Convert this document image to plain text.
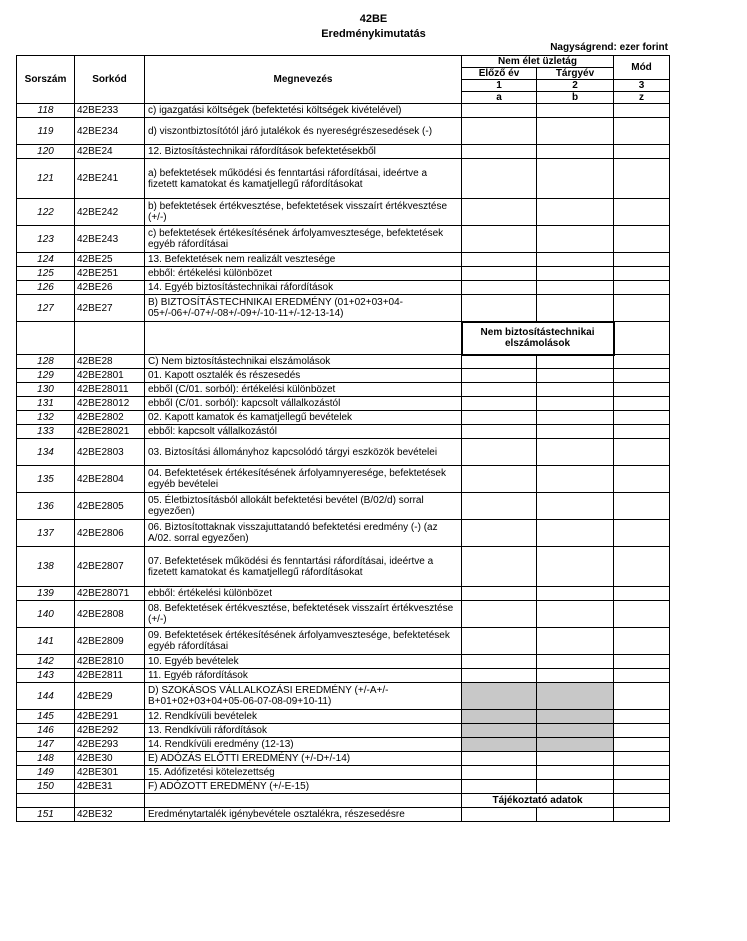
42BE
Eredménykimutatás
Nagyságrend: ezer forint
Sorszám	Sorkód	Megnevezés	Nem élet üzletág		Mód
			Előző év	Tárgyév	
			1	2	3
			a	b	z
118	42BE233	c) igazgatási költségek (befektetési költségek kivételével)			
119	42BE234	d) viszontbiztosítótól járó jutalékok és nyereségrészesedések (-)			
120	42BE24	12. Biztosítástechnikai ráfordítások befektetésekből			
121	42BE241	a) befektetések működési és fenntartási ráfordításai, ideértve a fizetett kamatokat és kamatjellegű ráfordításokat			
122	42BE242	b) befektetések értékvesztése, befektetések visszaírt értékvesztése (+/-)			
123	42BE243	c) befektetések értékesítésének árfolyamvesztesége, befektetések egyéb ráfordításai			
124	42BE25	13. Befektetések nem realizált vesztesége			
125	42BE251	ebből: értékelési különbözet			
126	42BE26	14. Egyéb biztosítástechnikai ráfordítások			
127	42BE27	B) BIZTOSÍTÁSTECHNIKAI EREDMÉNY (01+02+03+04-05+/-06+/-07+/-08+/-09+/-10-11+/-12-13-14)			
			Nem biztosítástechnikai elszámolások		
128	42BE28	C) Nem biztosítástechnikai elszámolások			
129	42BE2801	01. Kapott osztalék és részesedés			
130	42BE28011	ebből (C/01. sorból): értékelési különbözet			
131	42BE28012	ebből (C/01. sorból): kapcsolt vállalkozástól			
132	42BE2802	02. Kapott kamatok és kamatjellegű bevételek			
133	42BE28021	ebből: kapcsolt vállalkozástól			
134	42BE2803	03. Biztosítási állományhoz kapcsolódó tárgyi eszközök bevételei			
135	42BE2804	04. Befektetések értékesítésének árfolyamnyeresége, befektetések egyéb bevételei			
136	42BE2805	05. Életbiztosításból allokált befektetési bevétel (B/02/d) sorral egyezően)			
137	42BE2806	06. Biztosítottaknak visszajuttatandó befektetési eredmény (-) (az A/02. sorral egyezően)			
138	42BE2807	07. Befektetések működési és fenntartási ráfordításai, ideértve a fizetett kamatokat és kamatjellegű ráfordításokat			
139	42BE28071	ebből: értékelési különbözet			
140	42BE2808	08. Befektetések értékvesztése, befektetések visszaírt értékvesztése (+/-)			
141	42BE2809	09. Befektetések értékesítésének árfolyamvesztesége, befektetések egyéb ráfordításai			
142	42BE2810	10. Egyéb bevételek			
143	42BE2811	11. Egyéb ráfordítások			
144	42BE29	D) SZOKÁSOS VÁLLALKOZÁSI EREDMÉNY (+/-A+/-B+01+02+03+04+05-06-07-08-09+10-11)			
145	42BE291	12. Rendkívüli bevételek			
146	42BE292	13. Rendkívüli ráfordítások			
147	42BE293	14. Rendkívüli eredmény (12-13)			
148	42BE30	E) ADÓZÁS ELŐTTI EREDMÉNY (+/-D+/-14)			
149	42BE301	15. Adófizetési kötelezettség			
150	42BE31	F) ADÓZOTT EREDMÉNY (+/-E-15)			
			Tájékoztató adatok		
151	42BE32	Eredménytartalék igénybevétele osztalékra, részesedésre			
